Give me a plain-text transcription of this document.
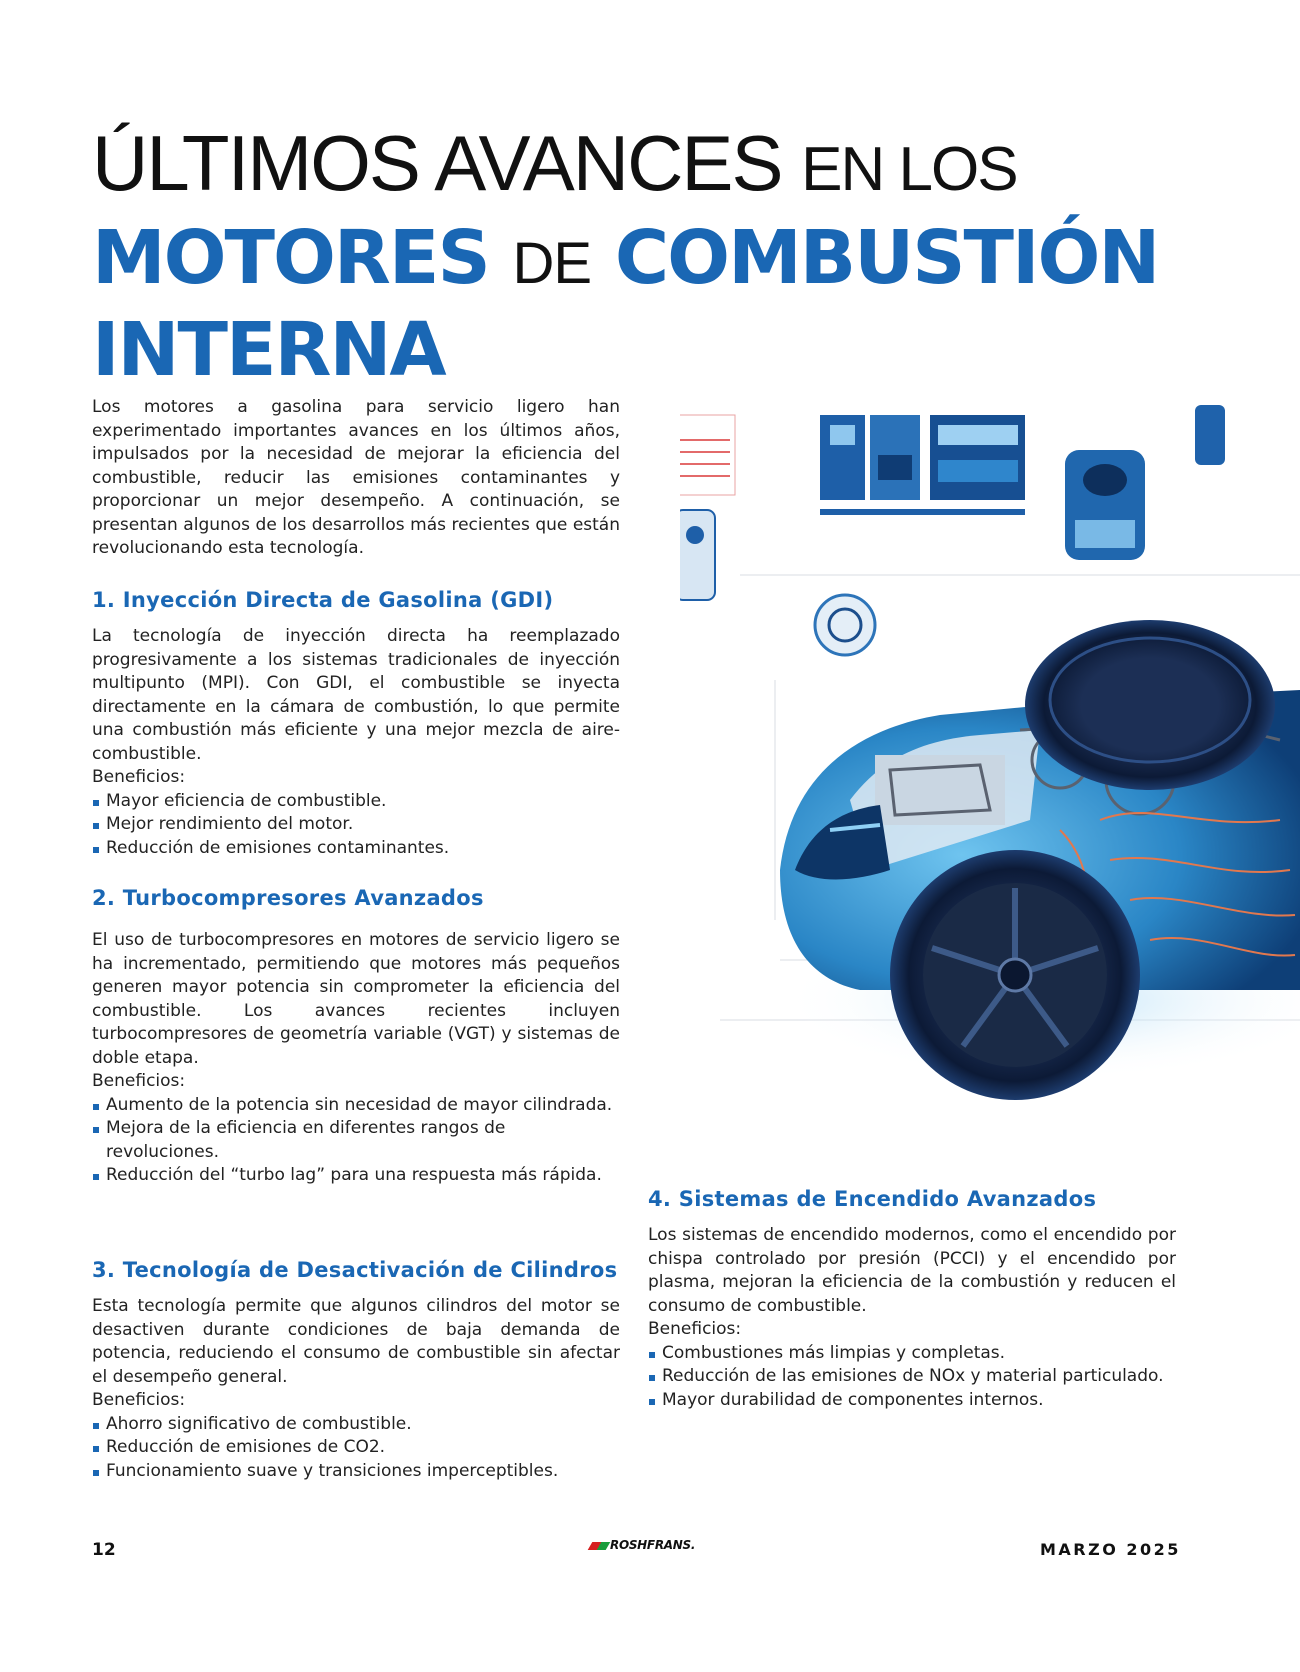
ÚLTIMOS AVANCES EN LOS
MOTORES DE COMBUSTIÓN
INTERNA

Los motores a gasolina para servicio ligero han experimentado importantes avances en los últimos años, impulsados por la necesidad de mejorar la eficiencia del combustible, reducir las emisiones contaminantes y proporcionar un mejor desempeño. A continuación, se presentan algunos de los desarrollos más recientes que están revolucionando esta tecnología.

1. Inyección Directa de Gasolina (GDI)

La tecnología de inyección directa ha reemplazado progresivamente a los sistemas tradicionales de inyección multipunto (MPI). Con GDI, el combustible se inyecta directamente en la cámara de combustión, lo que permite una combustión más eficiente y una mejor mezcla de aire-combustible.

Beneficios:

Mayor eficiencia de combustible.
Mejor rendimiento del motor.
Reducción de emisiones contaminantes.
2. Turbocompresores Avanzados

El uso de turbocompresores en motores de servicio ligero se ha incrementado, permitiendo que motores más pequeños generen mayor potencia sin comprometer la eficiencia del combustible. Los avances recientes incluyen turbocompresores de geometría variable (VGT) y sistemas de doble etapa.

Beneficios:

Aumento de la potencia sin necesidad de mayor cilindrada.
Mejora de la eficiencia en diferentes rangos de revoluciones.
Reducción del “turbo lag” para una respuesta más rápida.
3. Tecnología de Desactivación de Cilindros

Esta tecnología permite que algunos cilindros del motor se desactiven durante condiciones de baja demanda de potencia, reduciendo el consumo de combustible sin afectar el desempeño general.

Beneficios:

Ahorro significativo de combustible.
Reducción de emisiones de CO2.
Funcionamiento suave y transiciones imperceptibles.
4. Sistemas de Encendido Avanzados

Los sistemas de encendido modernos, como el encendido por chispa controlado por presión (PCCI) y el encendido por plasma, mejoran la eficiencia de la combustión y reducen el consumo de combustible.

Beneficios:

Combustiones más limpias y completas.
Reducción de las emisiones de NOx y material particulado.
Mayor durabilidad de componentes internos.
12	ROSHFRANS.	MARZO 2025
